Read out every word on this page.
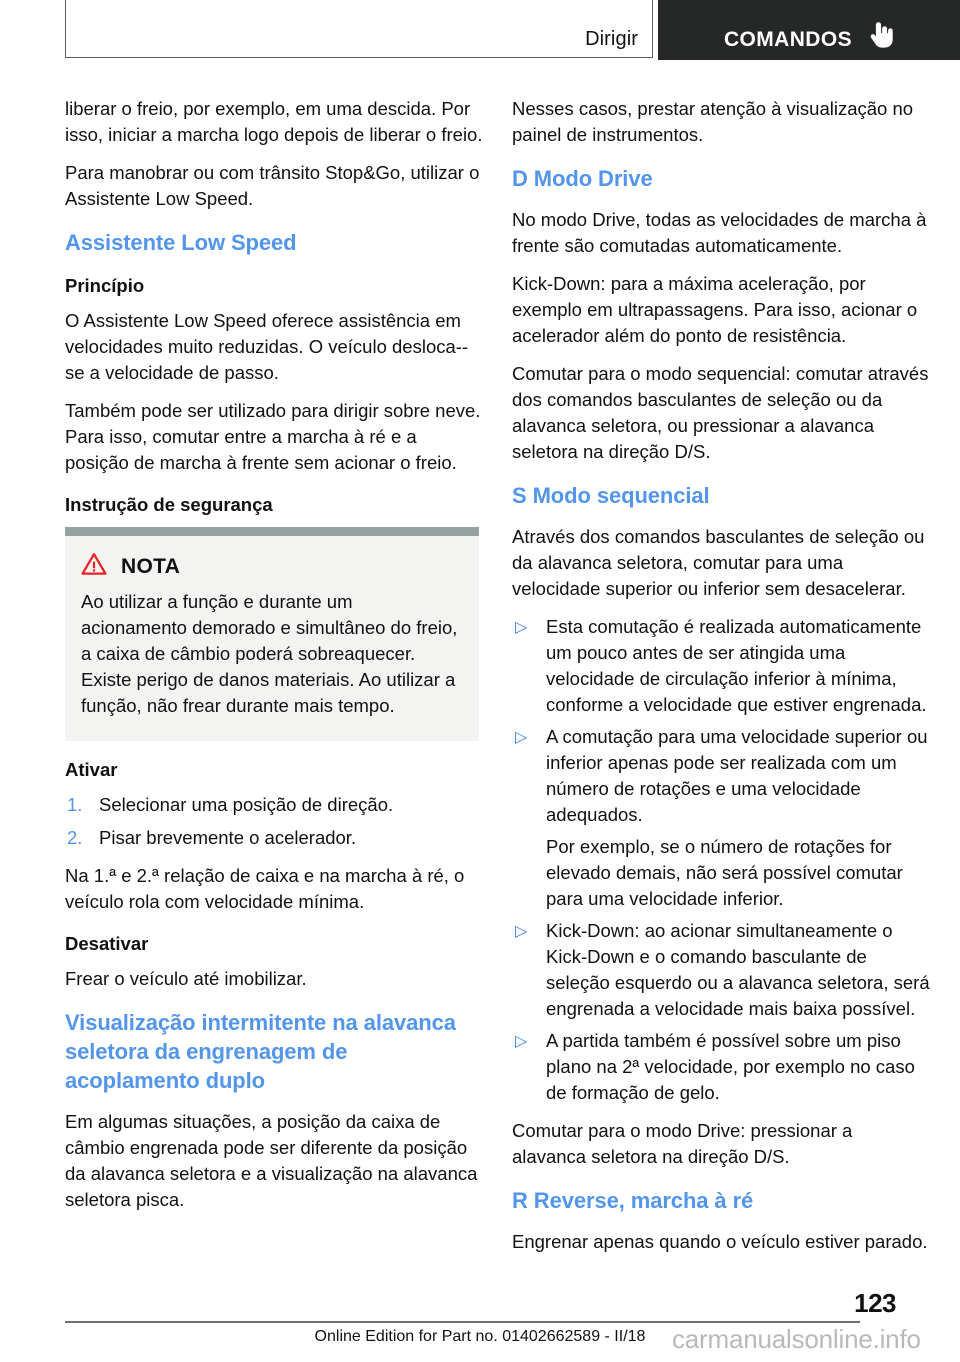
Dirigir	COMANDOS

liberar o freio, por exemplo, em uma descida. Por isso, iniciar a marcha logo depois de liberar o freio.

Para manobrar ou com trânsito Stop&Go, utilizar o Assistente Low Speed.

Assistente Low Speed
Princípio

O Assistente Low Speed oferece assistência em velocidades muito reduzidas. O veículo desloca--se a velocidade de passo.

Também pode ser utilizado para dirigir sobre neve. Para isso, comutar entre a marcha à ré e a posição de marcha à frente sem acionar o freio.

Instrução de segurança
NOTA

Ao utilizar a função e durante um acionamento demorado e simultâneo do freio, a caixa de câmbio poderá sobreaquecer. Existe perigo de danos materiais. Ao utilizar a função, não frear durante mais tempo.

Ativar
1. Selecionar uma posição de direção.
2. Pisar brevemente o acelerador.

Na 1.ª e 2.ª relação de caixa e na marcha à ré, o veículo rola com velocidade mínima.

Desativar

Frear o veículo até imobilizar.

Visualização intermitente na alavanca seletora da engrenagem de acoplamento duplo

Em algumas situações, a posição da caixa de câmbio engrenada pode ser diferente da posição da alavanca seletora e a visualização na alavanca seletora pisca.

Nesses casos, prestar atenção à visualização no painel de instrumentos.

D Modo Drive

No modo Drive, todas as velocidades de marcha à frente são comutadas automaticamente.

Kick-Down: para a máxima aceleração, por exemplo em ultrapassagens. Para isso, acionar o acelerador além do ponto de resistência.

Comutar para o modo sequencial: comutar através dos comandos basculantes de seleção ou da alavanca seletora, ou pressionar a alavanca seletora na direção D/S.

S Modo sequencial

Através dos comandos basculantes de seleção ou da alavanca seletora, comutar para uma velocidade superior ou inferior sem desacelerar.

▷ Esta comutação é realizada automaticamente um pouco antes de ser atingida uma velocidade de circulação inferior à mínima, conforme a velocidade que estiver engrenada.
▷ A comutação para uma velocidade superior ou inferior apenas pode ser realizada com um número de rotações e uma velocidade adequados.

Por exemplo, se o número de rotações for elevado demais, não será possível comutar para uma velocidade inferior.

▷ Kick-Down: ao acionar simultaneamente o Kick-Down e o comando basculante de seleção esquerdo ou a alavanca seletora, será engrenada a velocidade mais baixa possível.
▷ A partida também é possível sobre um piso plano na 2ª velocidade, por exemplo no caso de formação de gelo.

Comutar para o modo Drive: pressionar a alavanca seletora na direção D/S.

R Reverse, marcha à ré

Engrenar apenas quando o veículo estiver parado.

123
Online Edition for Part no. 01402662589 - II/18	carmanualsonline.info
